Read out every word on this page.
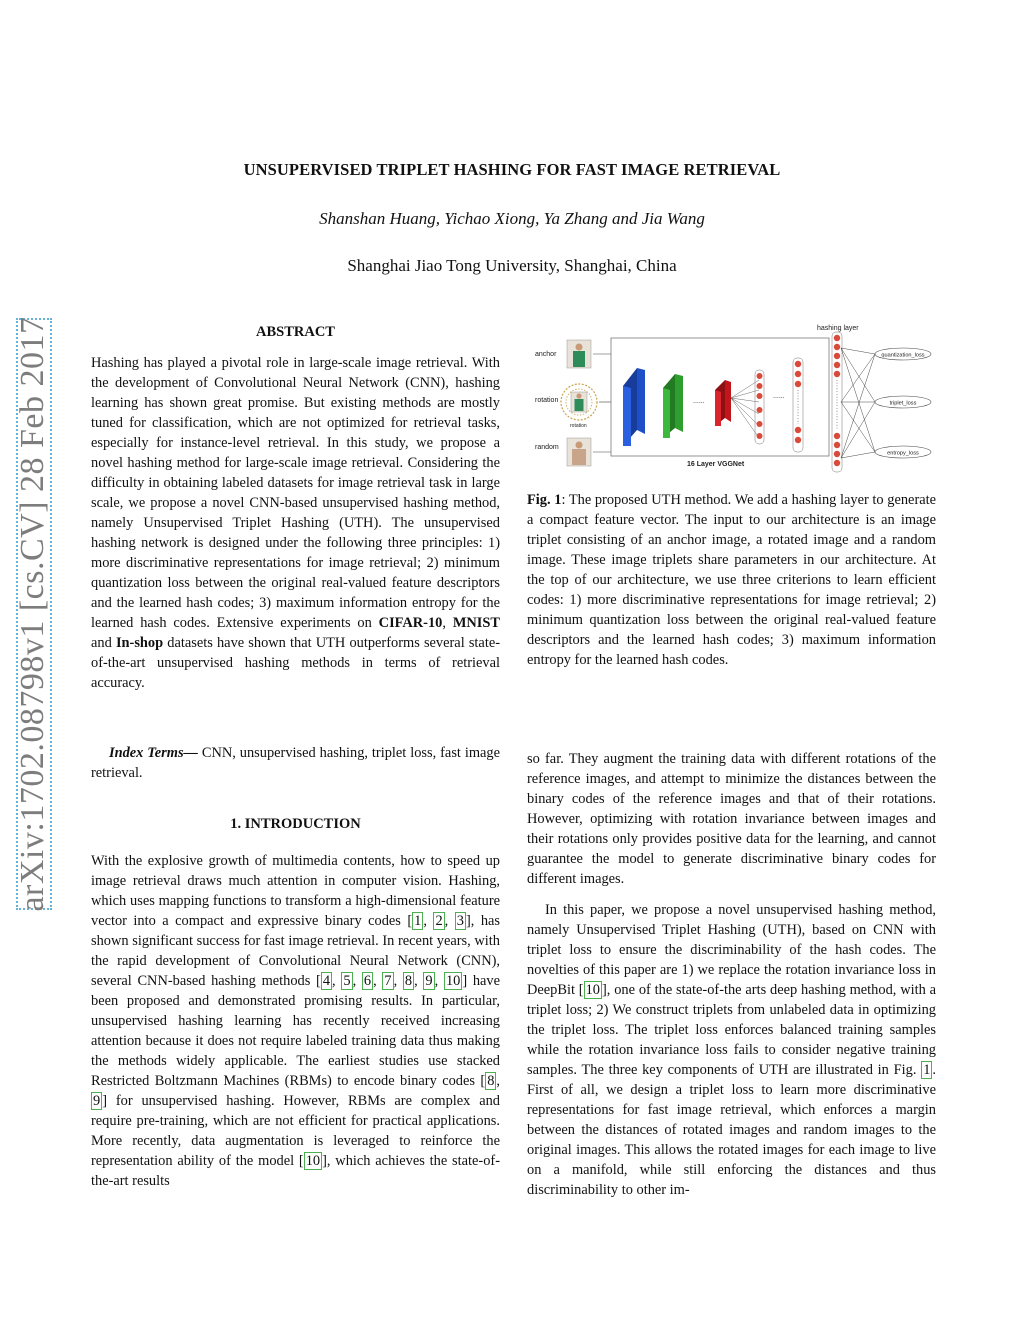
UNSUPERVISED TRIPLET HASHING FOR FAST IMAGE RETRIEVAL
Shanshan Huang, Yichao Xiong, Ya Zhang and Jia Wang
Shanghai Jiao Tong University, Shanghai, China
arXiv:1702.08798v1 [cs.CV] 28 Feb 2017	ABSTRACT

Hashing has played a pivotal role in large-scale image retrieval. With the development of Convolutional Neural Network (CNN), hashing learning has shown great promise. But existing methods are mostly tuned for classification, which are not optimized for retrieval tasks, especially for instance-level retrieval. In this study, we propose a novel hashing method for large-scale image retrieval. Considering the difficulty in obtaining labeled datasets for image retrieval task in large scale, we propose a novel CNN-based unsupervised hashing method, namely Unsupervised Triplet Hashing (UTH). The unsupervised hashing network is designed under the following three principles: 1) more discriminative representations for image retrieval; 2) minimum quantization loss between the original real-valued feature descriptors and the learned hash codes; 3) maximum information entropy for the learned hash codes. Extensive experiments on CIFAR-10, MNIST and In-shop datasets have shown that UTH outperforms several state-of-the-art unsupervised hashing methods in terms of retrieval accuracy.

Index Terms— CNN, unsupervised hashing, triplet loss, fast image retrieval.

1. INTRODUCTION

With the explosive growth of multimedia contents, how to speed up image retrieval draws much attention in computer vision. Hashing, which uses mapping functions to transform a high-dimensional feature vector into a compact and expressive binary codes [ 1 , 2 , 3 ], has shown significant success for fast image retrieval. In recent years, with the rapid development of Convolutional Neural Network (CNN), several CNN-based hashing methods [ 4 , 5 , 6 , 7 , 8 , 9 , 10 ] have been proposed and demonstrated promising results. In particular, unsupervised hashing learning has recently received increasing attention because it does not require labeled training data thus making the methods widely applicable. The earliest studies use stacked Restricted Boltzmann Machines (RBMs) to encode binary codes [ 8 , 9 ] for unsupervised hashing. However, RBMs are complex and require pre-training, which are not efficient for practical applications. More recently, data augmentation is leveraged to reinforce the representation ability of the model [ 10 ], which achieves the state-of-the-art results

anchor
rotation
random
rotation
16 Layer VGGNet
......
......
hashing layer
quantization_loss
triplet_loss
entropy_loss

Fig. 1: The proposed UTH method. We add a hashing layer to generate a compact feature vector. The input to our architecture is an image triplet consisting of an anchor image, a rotated image and a random image. These image triplets share parameters in our architecture. At the top of our architecture, we use three criterions to learn efficient codes: 1) more discriminative representations for image retrieval; 2) minimum quantization loss between the original real-valued feature descriptors and the learned hash codes; 3) maximum information entropy for the learned hash codes.

so far. They augment the training data with different rotations of the reference images, and attempt to minimize the distances between the binary codes of the reference images and that of their rotations. However, optimizing with rotation invariance between images and their rotations only provides positive data for the learning, and cannot guarantee the model to generate discriminative binary codes for different images.

In this paper, we propose a novel unsupervised hashing method, namely Unsupervised Triplet Hashing (UTH), based on CNN with triplet loss to ensure the discriminability of the hash codes. The novelties of this paper are 1) we replace the rotation invariance loss in DeepBit [ 10 ], one of the state-of-the arts deep hashing method, with a triplet loss; 2) We construct triplets from unlabeled data in optimizing the triplet loss. The triplet loss enforces balanced training samples while the rotation invariance loss fails to consider negative training samples. The three key components of UTH are illustrated in Fig. 1 . First of all, we design a triplet loss to learn more discriminative representations for fast image retrieval, which enforces a margin between the distances of rotated images and random images to the original images. This allows the rotated images for each image to live on a manifold, while still enforcing the distances and thus discriminability to other im-
